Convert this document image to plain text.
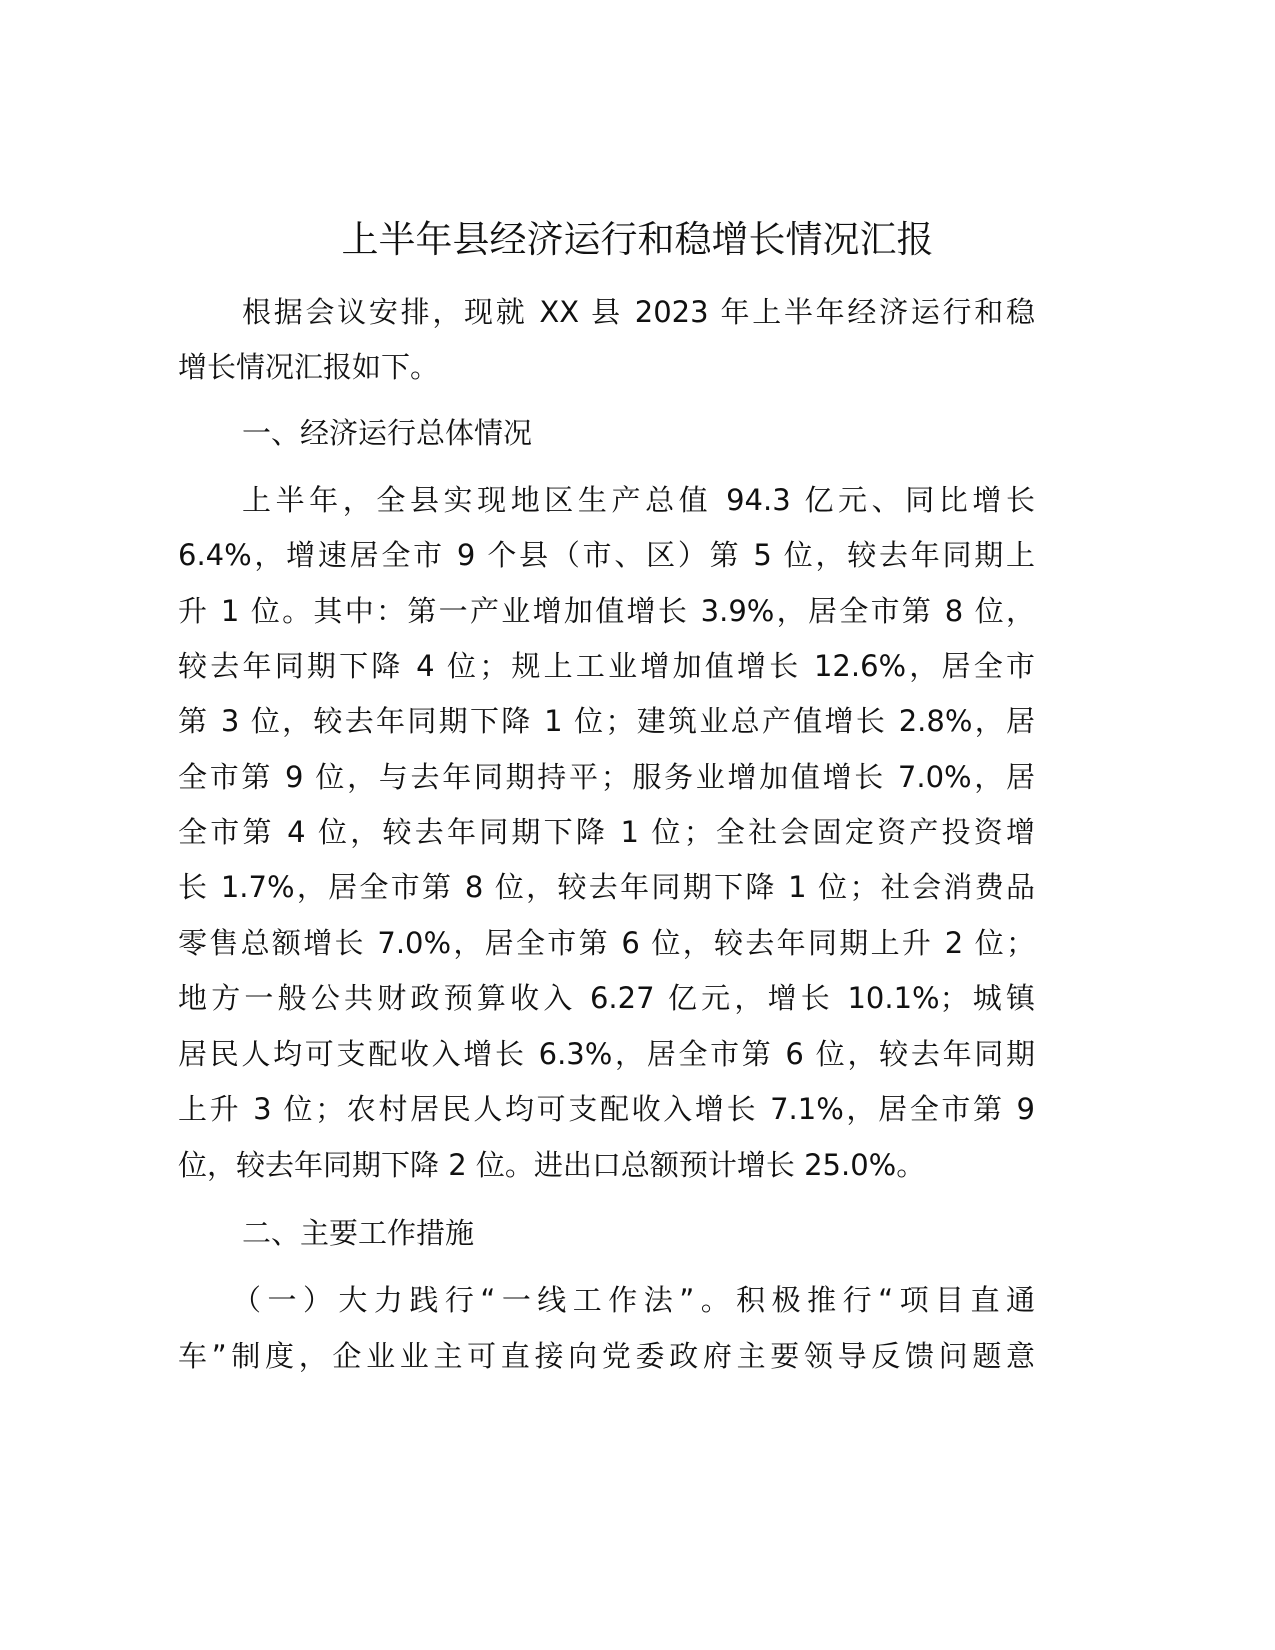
上半年县经济运行和稳增长情况汇报
根据会议安排，现就 XX 县 2023 年上半年经济运行和稳
增长情况汇报如下。
一、经济运行总体情况
上半年，全县实现地区生产总值 94.3 亿元、同比增长
6.4%，增速居全市 9 个县（市、区）第 5 位，较去年同期上
升 1 位。其中：第一产业增加值增长 3.9%，居全市第 8 位，
较去年同期下降 4 位；规上工业增加值增长 12.6%，居全市
第 3 位，较去年同期下降 1 位；建筑业总产值增长 2.8%，居
全市第 9 位，与去年同期持平；服务业增加值增长 7.0%，居
全市第 4 位，较去年同期下降 1 位；全社会固定资产投资增
长 1.7%，居全市第 8 位，较去年同期下降 1 位；社会消费品
零售总额增长 7.0%，居全市第 6 位，较去年同期上升 2 位；
地方一般公共财政预算收入 6.27 亿元，增长 10.1%；城镇
居民人均可支配收入增长 6.3%，居全市第 6 位，较去年同期
上升 3 位；农村居民人均可支配收入增长 7.1%，居全市第 9
位，较去年同期下降 2 位。进出口总额预计增长 25.0%。
二、主要工作措施
（一）大力践行“一线工作法”。积极推行“项目直通
车”制度，企业业主可直接向党委政府主要领导反馈问题意
